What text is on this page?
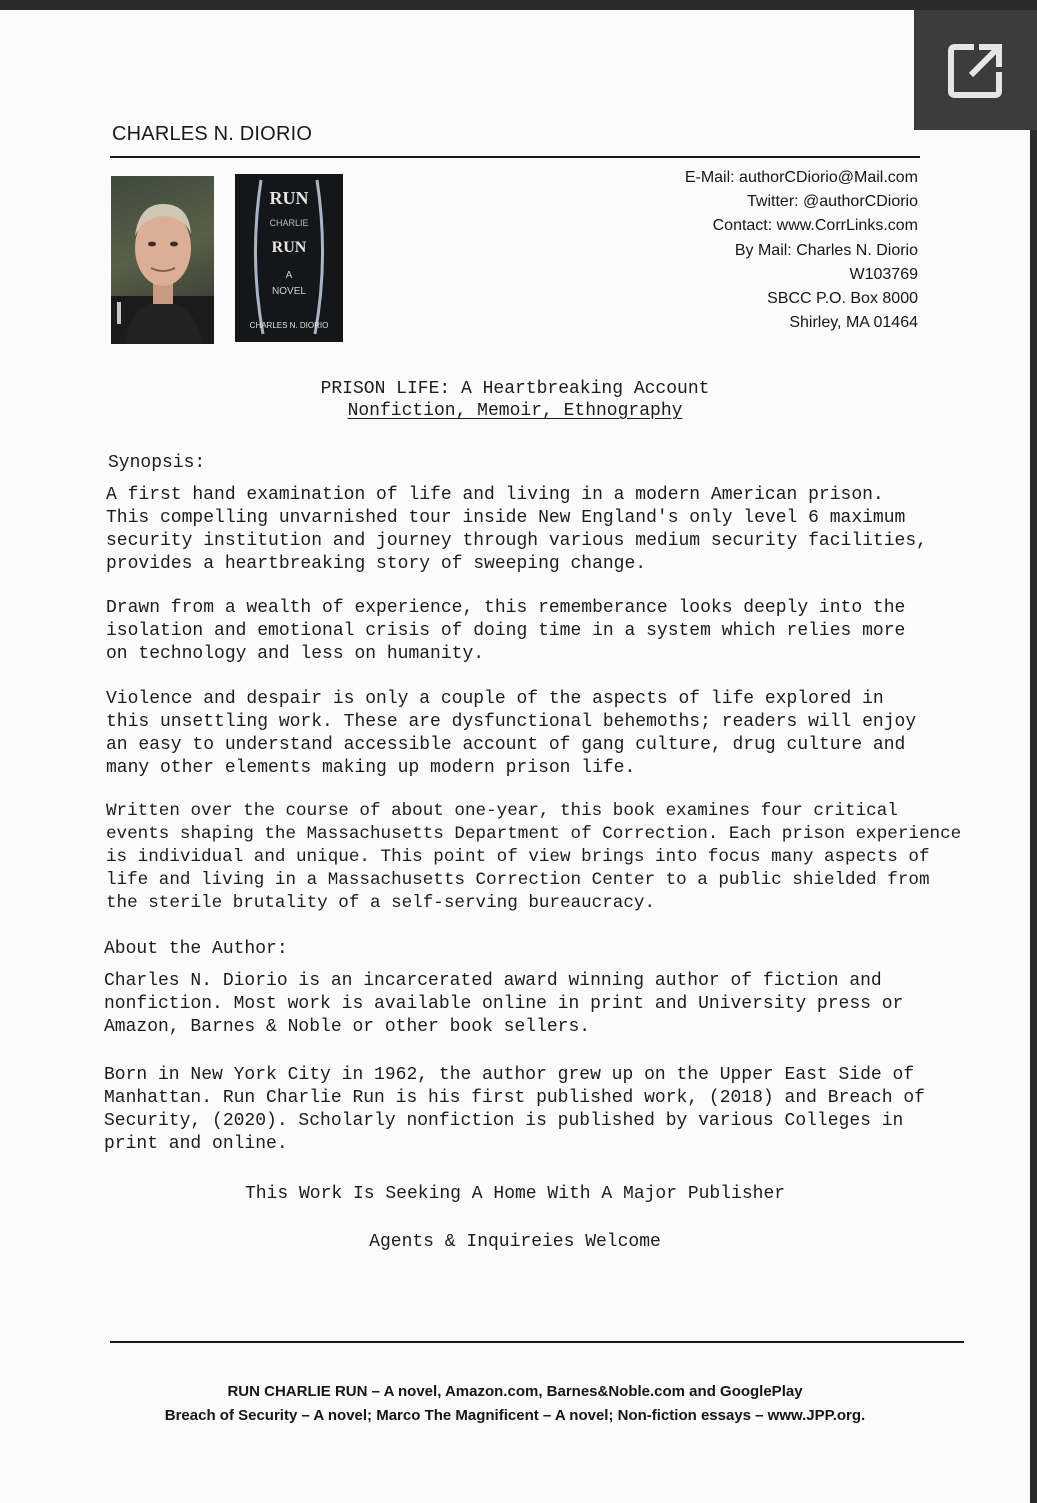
CHARLES N. DIORIO
RUN
CHARLIE
RUN
A
NOVEL
CHARLES N. DIORIO
E-Mail: authorCDiorio@Mail.com
Twitter: @authorCDiorio
Contact: www.CorrLinks.com
By Mail: Charles N. Diorio
W103769
SBCC P.O. Box 8000
Shirley, MA 01464
PRISON LIFE: A Heartbreaking Account
Nonfiction, Memoir, Ethnography
Synopsis:
A first hand examination of life and living in a modern American prison.
This compelling unvarnished tour inside New England's only level 6 maximum
security institution and journey through various medium security facilities,
provides a heartbreaking story of sweeping change.
Drawn from a wealth of experience, this rememberance looks deeply into the
isolation and emotional crisis of doing time in a system which relies more
on technology and less on humanity.
Violence and despair is only a couple of the aspects of life explored in
this unsettling work. These are dysfunctional behemoths; readers will enjoy
an easy to understand accessible account of gang culture, drug culture and
many other elements making up modern prison life.
Written over the course of about one-year, this book examines four critical
events shaping the Massachusetts Department of Correction. Each prison experience
is individual and unique. This point of view brings into focus many aspects of
life and living in a Massachusetts Correction Center to a public shielded from
the sterile brutality of a self-serving bureaucracy.
About the Author:
Charles N. Diorio is an incarcerated award winning author of fiction and
nonfiction. Most work is available online in print and University press or
Amazon, Barnes & Noble or other book sellers.
Born in New York City in 1962, the author grew up on the Upper East Side of
Manhattan. Run Charlie Run is his first published work, (2018) and Breach of
Security, (2020). Scholarly nonfiction is published by various Colleges in
print and online.
This Work Is Seeking A Home With A Major Publisher
Agents & Inquireies Welcome
RUN CHARLIE RUN – A novel, Amazon.com, Barnes&Noble.com and GooglePlay
Breach of Security – A novel; Marco The Magnificent – A novel; Non-fiction essays – www.JPP.org.
